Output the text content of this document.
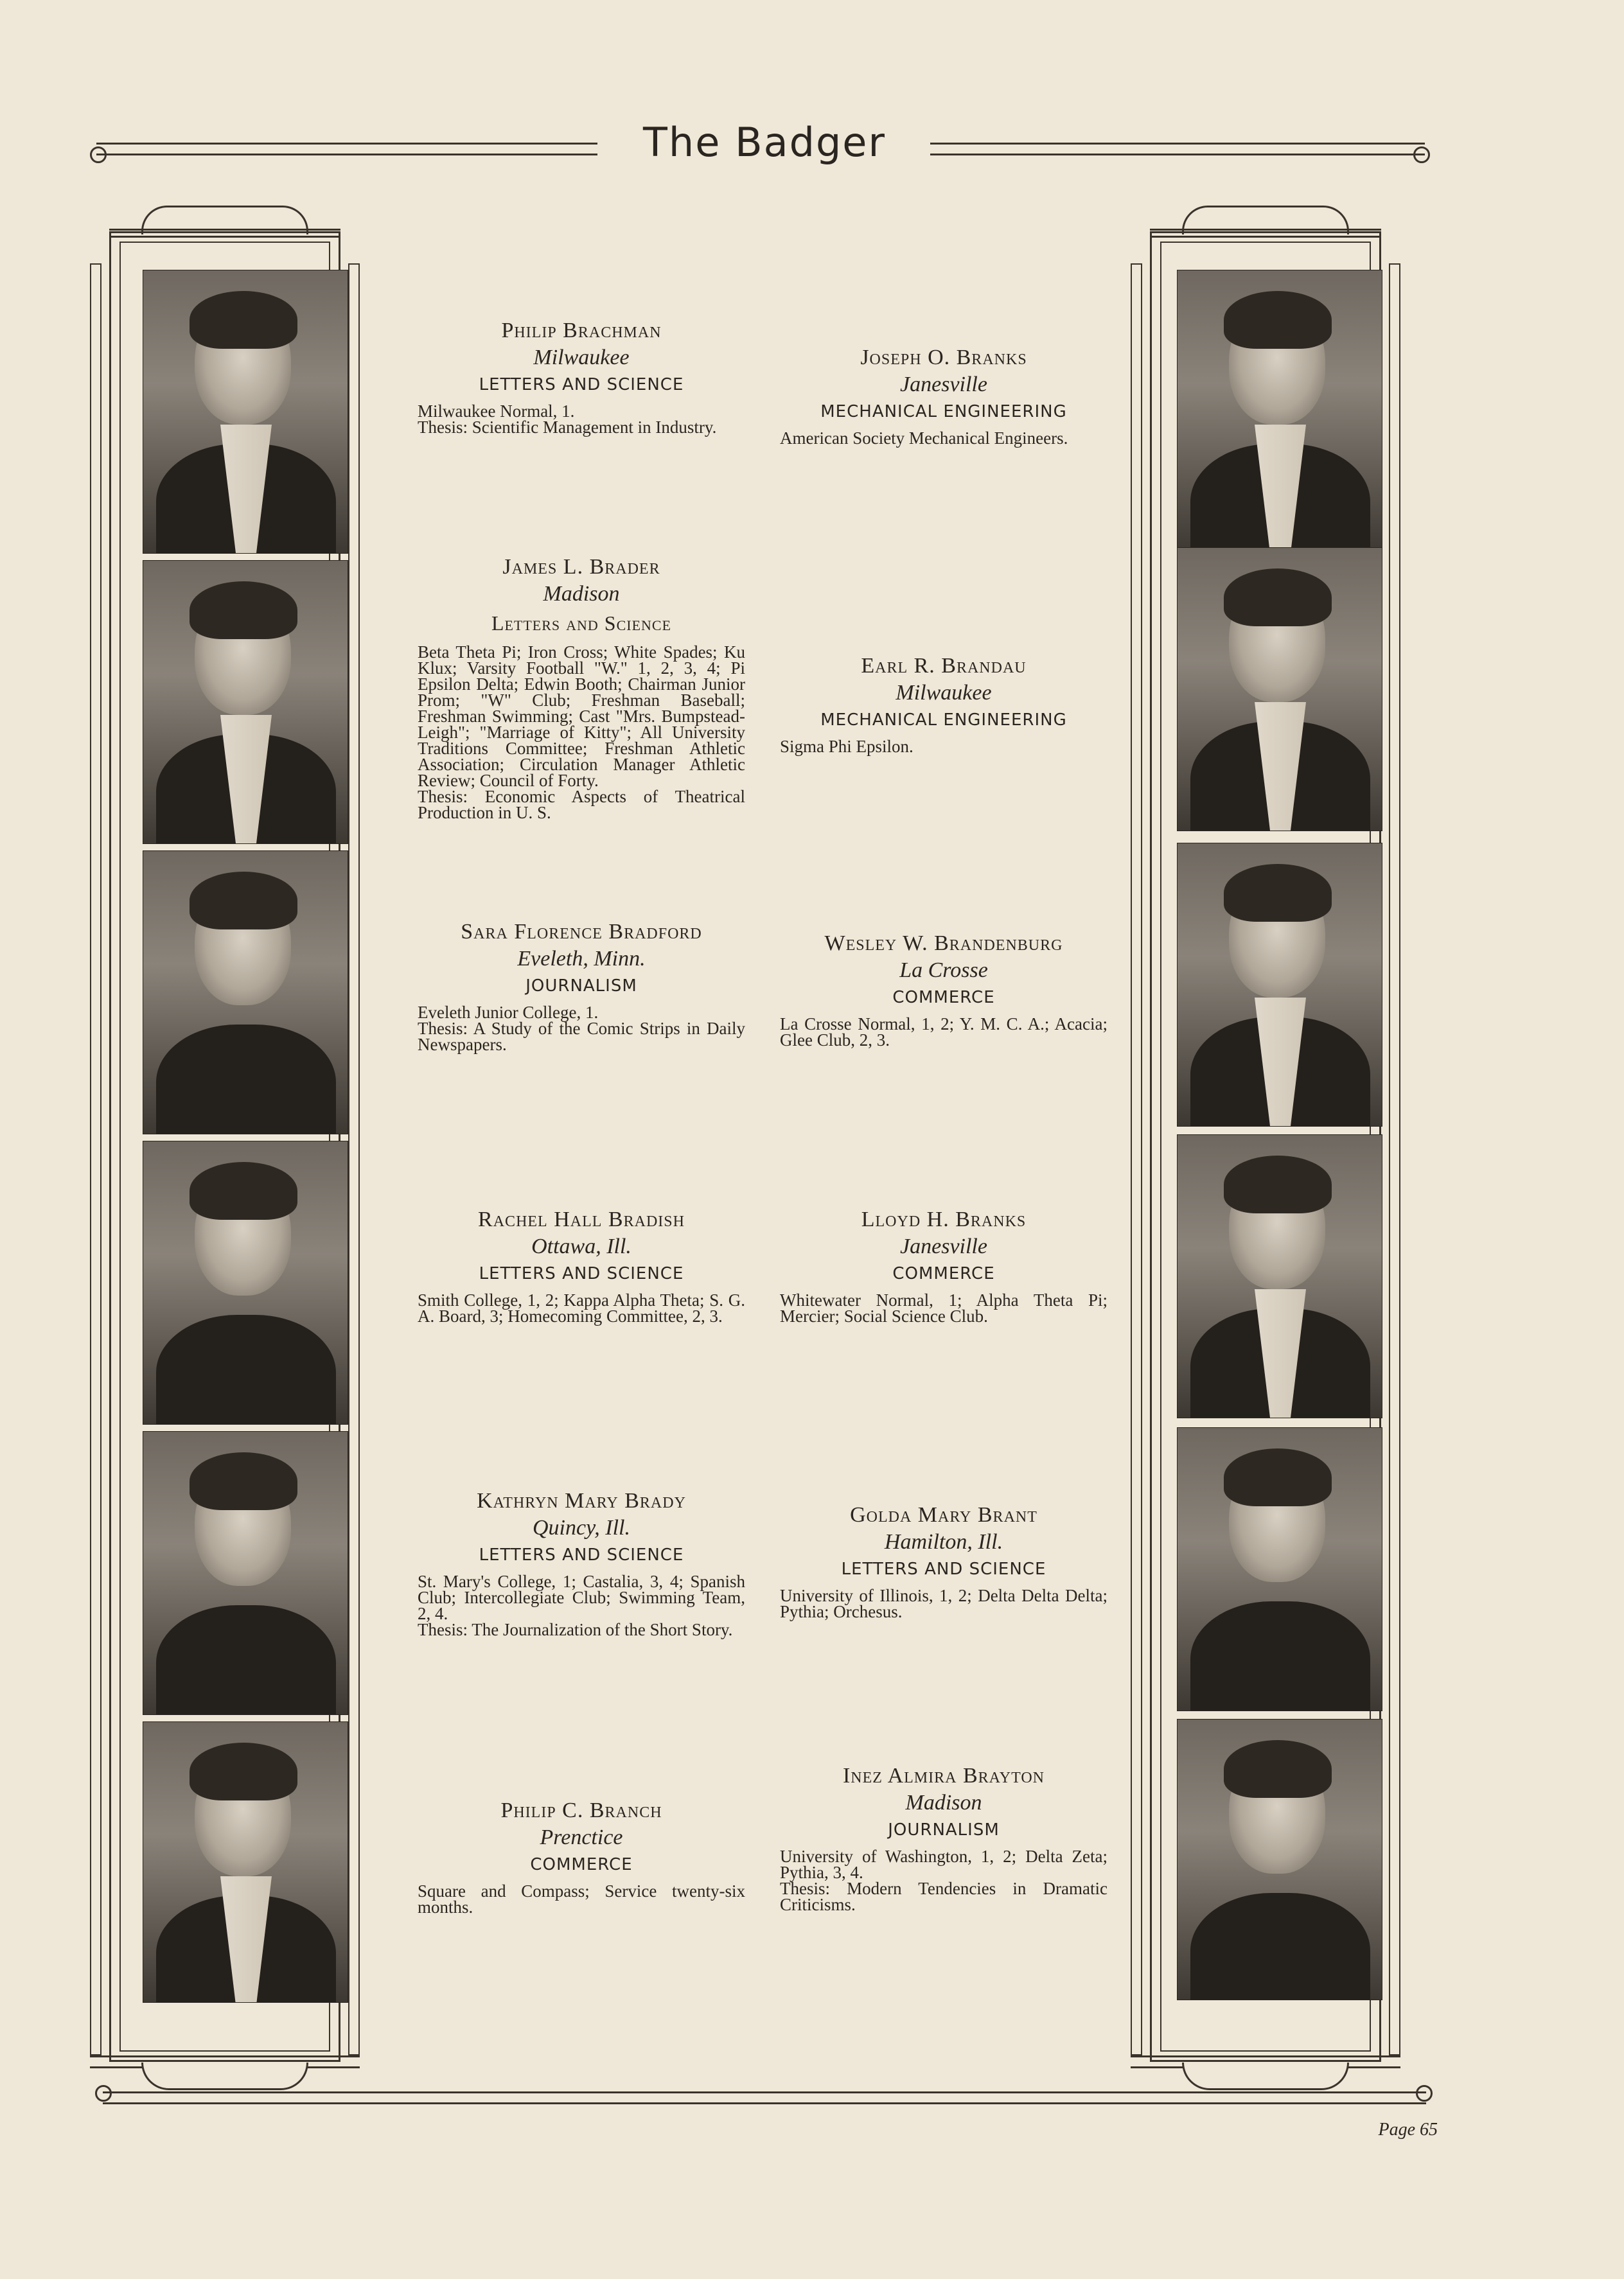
The Badger
Philip Brachman
Milwaukee
LETTERS AND SCIENCE
Milwaukee Normal, 1.
Thesis: Scientific Management in Industry.
James L. Brader
Madison
Letters and Science
Beta Theta Pi; Iron Cross; White Spades; Ku Klux; Varsity Football "W." 1, 2, 3, 4; Pi Epsilon Delta; Edwin Booth; Chairman Junior Prom; "W" Club; Freshman Baseball; Freshman Swimming; Cast "Mrs. Bumpstead-Leigh"; "Marriage of Kitty"; All University Traditions Committee; Freshman Athletic Association; Circulation Manager Athletic Review; Council of Forty.
Thesis: Economic Aspects of Theatrical Production in U. S.
Sara Florence Bradford
Eveleth, Minn.
JOURNALISM
Eveleth Junior College, 1.
Thesis: A Study of the Comic Strips in Daily Newspapers.
Rachel Hall Bradish
Ottawa, Ill.
LETTERS AND SCIENCE
Smith College, 1, 2; Kappa Alpha Theta; S. G. A. Board, 3; Homecoming Committee, 2, 3.
Kathryn Mary Brady
Quincy, Ill.
LETTERS AND SCIENCE
St. Mary's College, 1; Castalia, 3, 4; Spanish Club; Intercollegiate Club; Swimming Team, 2, 4.
Thesis: The Journalization of the Short Story.
Philip C. Branch
Prenctice
COMMERCE
Square and Compass; Service twenty-six months.
Joseph O. Branks
Janesville
MECHANICAL ENGINEERING
American Society Mechanical Engineers.
Earl R. Brandau
Milwaukee
MECHANICAL ENGINEERING
Sigma Phi Epsilon.
Wesley W. Brandenburg
La Crosse
COMMERCE
La Crosse Normal, 1, 2; Y. M. C. A.; Acacia; Glee Club, 2, 3.
Lloyd H. Branks
Janesville
COMMERCE
Whitewater Normal, 1; Alpha Theta Pi; Mercier; Social Science Club.
Golda Mary Brant
Hamilton, Ill.
LETTERS AND SCIENCE
University of Illinois, 1, 2; Delta Delta Delta; Pythia; Orchesus.
Inez Almira Brayton
Madison
JOURNALISM
University of Washington, 1, 2; Delta Zeta; Pythia, 3, 4.
Thesis: Modern Tendencies in Dramatic Criticisms.
Page 65
